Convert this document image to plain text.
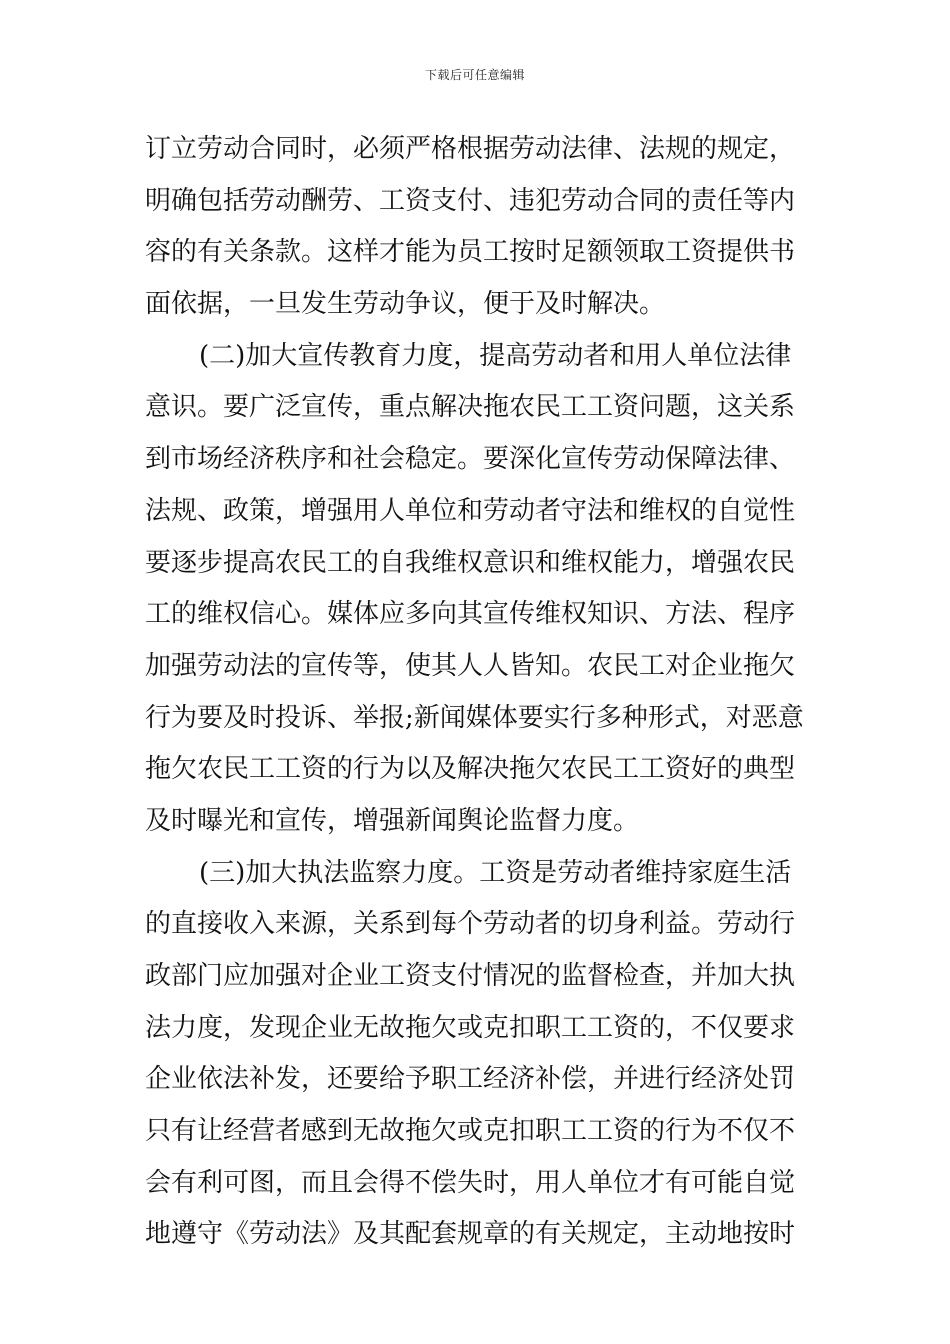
下载后可任意编辑
订立劳动合同时，必须严格根据劳动法律、法规的规定，
明确包括劳动酬劳、工资支付、违犯劳动合同的责任等内
容的有关条款。这样才能为员工按时足额领取工资提供书
面依据，一旦发生劳动争议，便于及时解决。
(二)加大宣传教育力度，提高劳动者和用人单位法律
意识。要广泛宣传，重点解决拖农民工工资问题，这关系
到市场经济秩序和社会稳定。要深化宣传劳动保障法律、
法规、政策，增强用人单位和劳动者守法和维权的自觉性
要逐步提高农民工的自我维权意识和维权能力，增强农民
工的维权信心。媒体应多向其宣传维权知识、方法、程序
加强劳动法的宣传等，使其人人皆知。农民工对企业拖欠
行为要及时投诉、举报;新闻媒体要实行多种形式，对恶意
拖欠农民工工资的行为以及解决拖欠农民工工资好的典型
及时曝光和宣传，增强新闻舆论监督力度。
(三)加大执法监察力度。工资是劳动者维持家庭生活
的直接收入来源，关系到每个劳动者的切身利益。劳动行
政部门应加强对企业工资支付情况的监督检查，并加大执
法力度，发现企业无故拖欠或克扣职工工资的，不仅要求
企业依法补发，还要给予职工经济补偿，并进行经济处罚
只有让经营者感到无故拖欠或克扣职工工资的行为不仅不
会有利可图，而且会得不偿失时，用人单位才有可能自觉
地遵守《劳动法》及其配套规章的有关规定，主动地按时
